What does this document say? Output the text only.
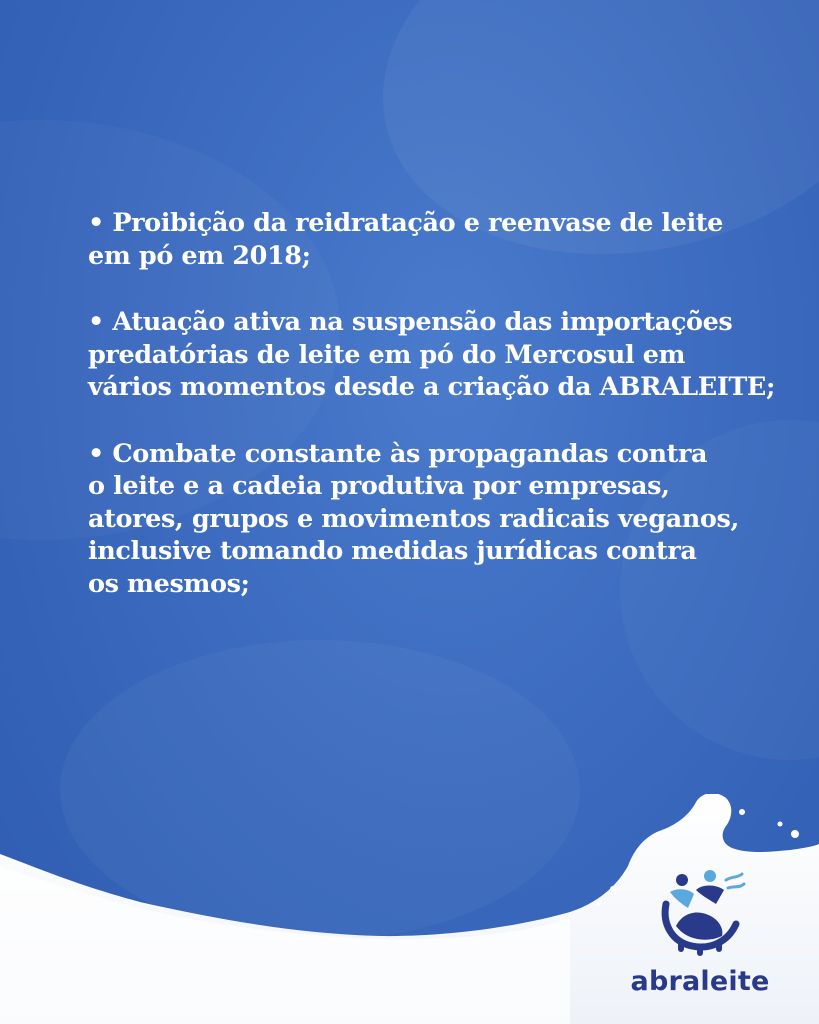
• Proibição da reidratação e reenvase de leite
em pó em 2018;

• Atuação ativa na suspensão das importações
predatórias de leite em pó do Mercosul em
vários momentos desde a criação da ABRALEITE;

• Combate constante às propagandas contra
o leite e a cadeia produtiva por empresas,
atores, grupos e movimentos radicais veganos,
inclusive tomando medidas jurídicas contra
os mesmos;

abraleite
